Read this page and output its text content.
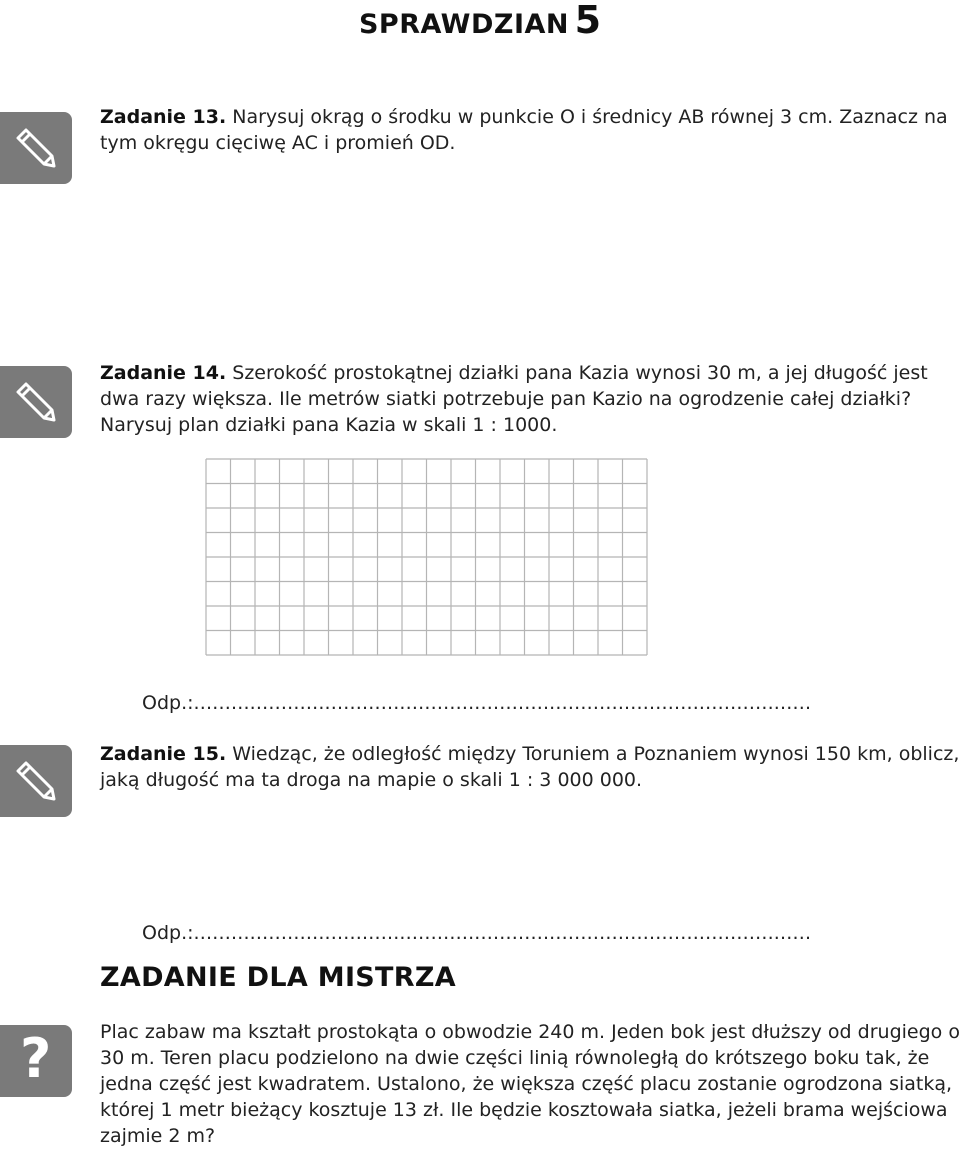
SPRAWDZIAN 5
Zadanie 13. Narysuj okrąg o środku w punkcie O i średnicy AB równej 3 cm. Zaznacz na tym okręgu cięciwę AC i promień OD.
Zadanie 14. Szerokość prostokątnej działki pana Kazia wynosi 30 m, a jej długość jest dwa razy większa. Ile metrów siatki potrzebuje pan Kazio na ogrodzenie całej działki? Narysuj plan działki pana Kazia w skali 1 : 1000.
Odp.:...................................................................................................
Zadanie 15. Wiedząc, że odległość między Toruniem a Poznaniem wynosi 150 km, oblicz, jaką długość ma ta droga na mapie o skali 1 : 3 000 000.
Odp.:...................................................................................................
ZADANIE DLA MISTRZA
?	Plac zabaw ma kształt prostokąta o obwodzie 240 m. Jeden bok jest dłuższy od drugiego o 30 m. Teren placu podzielono na dwie części linią równoległą do krótszego boku tak, że jedna część jest kwadratem. Ustalono, że większa część placu zostanie ogrodzona siatką, której 1 metr bieżący kosztuje 13 zł. Ile będzie kosztowała siatka, jeżeli brama wejściowa zajmie 2 m?
